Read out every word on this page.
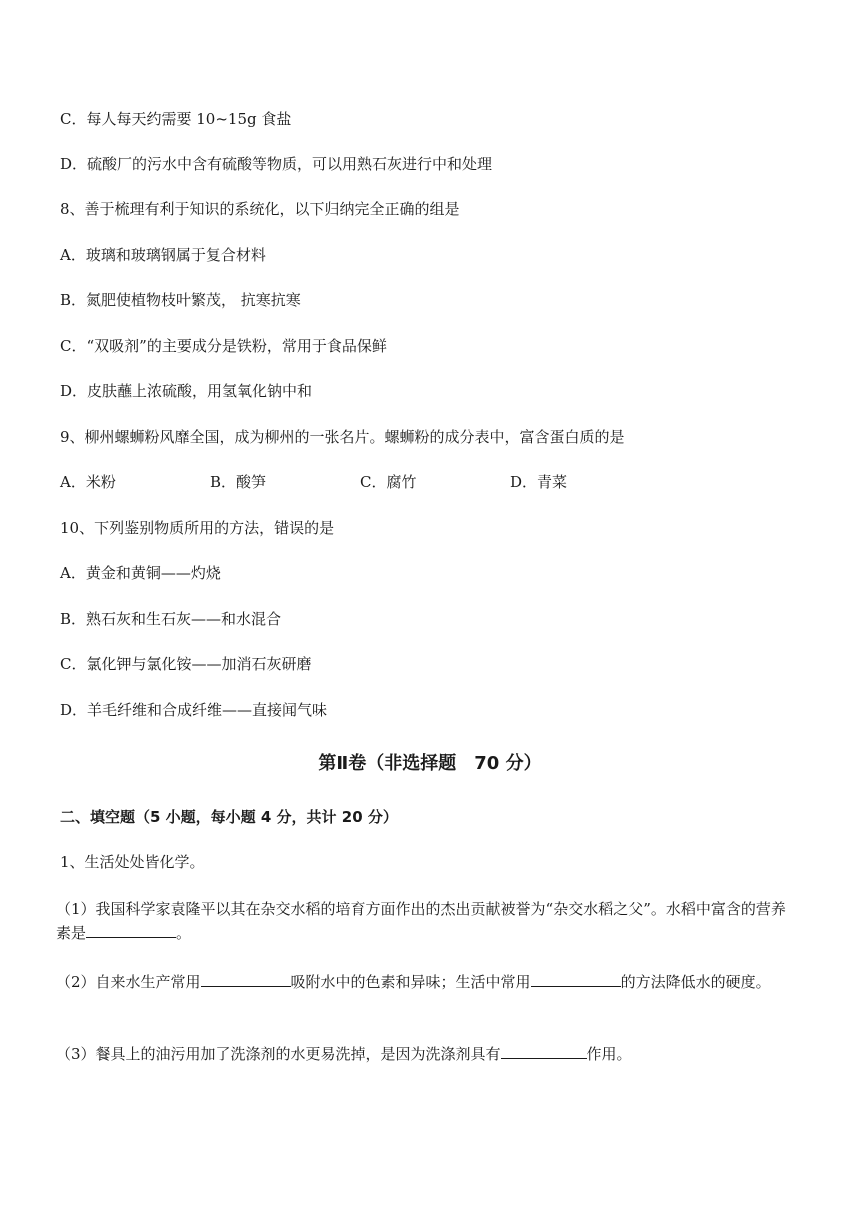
C．每人每天约需要 10~15g 食盐
D．硫酸厂的污水中含有硫酸等物质，可以用熟石灰进行中和处理
8、善于梳理有利于知识的系统化，以下归纳完全正确的组是
A．玻璃和玻璃钢属于复合材料
B．氮肥使植物枝叶繁茂， 抗寒抗寒
C．“双吸剂”的主要成分是铁粉，常用于食品保鲜
D．皮肤蘸上浓硫酸，用氢氧化钠中和
9、柳州螺蛳粉风靡全国，成为柳州的一张名片。螺蛳粉的成分表中，富含蛋白质的是
A．米粉	B．酸笋	C．腐竹	D．青菜
10、下列鉴别物质所用的方法，错误的是
A．黄金和黄铜——灼烧
B．熟石灰和生石灰——和水混合
C．氯化钾与氯化铵——加消石灰研磨
D．羊毛纤维和合成纤维——直接闻气味
第Ⅱ卷（非选择题　70 分）
二、填空题（5 小题，每小题 4 分，共计 20 分）
1、生活处处皆化学。
（1）我国科学家袁隆平以其在杂交水稻的培育方面作出的杰出贡献被誉为“杂交水稻之父”。水稻中富含的营养素是	。
（2）自来水生产常用	吸附水中的色素和异味；生活中常用	的方法降低水的硬度。
（3）餐具上的油污用加了洗涤剂的水更易洗掉，是因为洗涤剂具有	作用。
